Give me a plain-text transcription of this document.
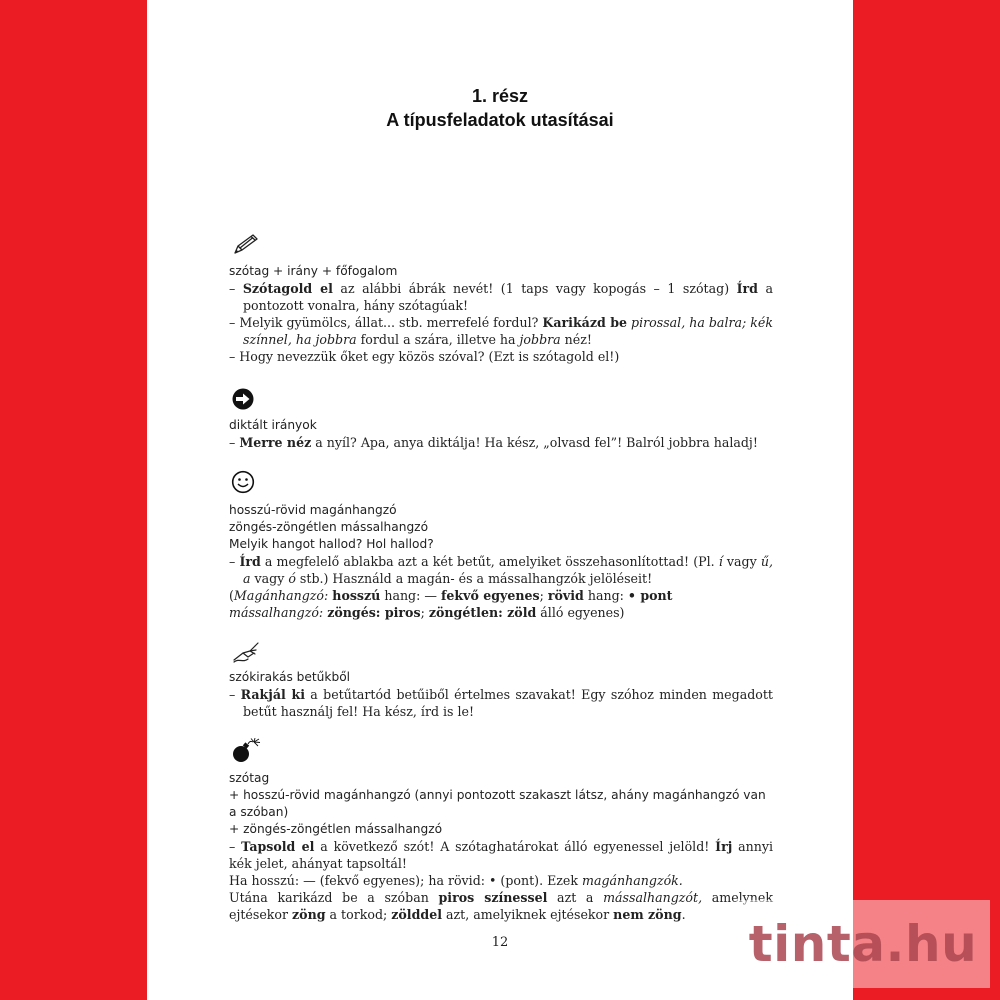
1. rész
A típusfeladatok utasításai

szótag + irány + főfogalom

– Szótagold el az alábbi ábrák nevét! (1 taps vagy kopogás – 1 szótag) Írd a pontozott vonalra, hány szótagúak!

– Melyik gyümölcs, állat... stb. merrefelé fordul? Karikázd be pirossal, ha balra; kék színnel, ha jobbra fordul a szára, illetve ha jobbra néz!

– Hogy nevezzük őket egy közös szóval? (Ezt is szótagold el!)

diktált irányok

– Merre néz a nyíl? Apa, anya diktálja! Ha kész, „olvasd fel”! Balról jobbra haladj!

hosszú-rövid magánhangzó

zöngés-zöngétlen mássalhangzó

Melyik hangot hallod? Hol hallod?

– Írd a megfelelő ablakba azt a két betűt, amelyiket összehasonlítottad! (Pl. í vagy ű, a vagy ó stb.) Használd a magán- és a mássalhangzók jelöléseit!

(Magánhangzó: hosszú hang: — fekvő egyenes; rövid hang: • pont

mássalhangzó: zöngés: piros; zöngétlen: zöld álló egyenes)

szókirakás betűkből

– Rakjál ki a betűtartód betűiből értelmes szavakat! Egy szóhoz minden megadott betűt használj fel! Ha kész, írd is le!

szótag

+ hosszú-rövid magánhangzó (annyi pontozott szakaszt látsz, ahány magánhangzó van a szóban)

+ zöngés-zöngétlen mássalhangzó

– Tapsold el a következő szót! A szótaghatárokat álló egyenessel jelöld! Írj annyi kék jelet, ahányat tapsoltál!

Ha hosszú: — (fekvő egyenes); ha rövid: • (pont). Ezek magánhangzók.

Utána karikázd be a szóban piros színessel azt a mássalhangzót, amelynek ejtésekor zöng a torkod; zölddel azt, amelyiknek ejtésekor nem zöng.

12	tinta.hu
